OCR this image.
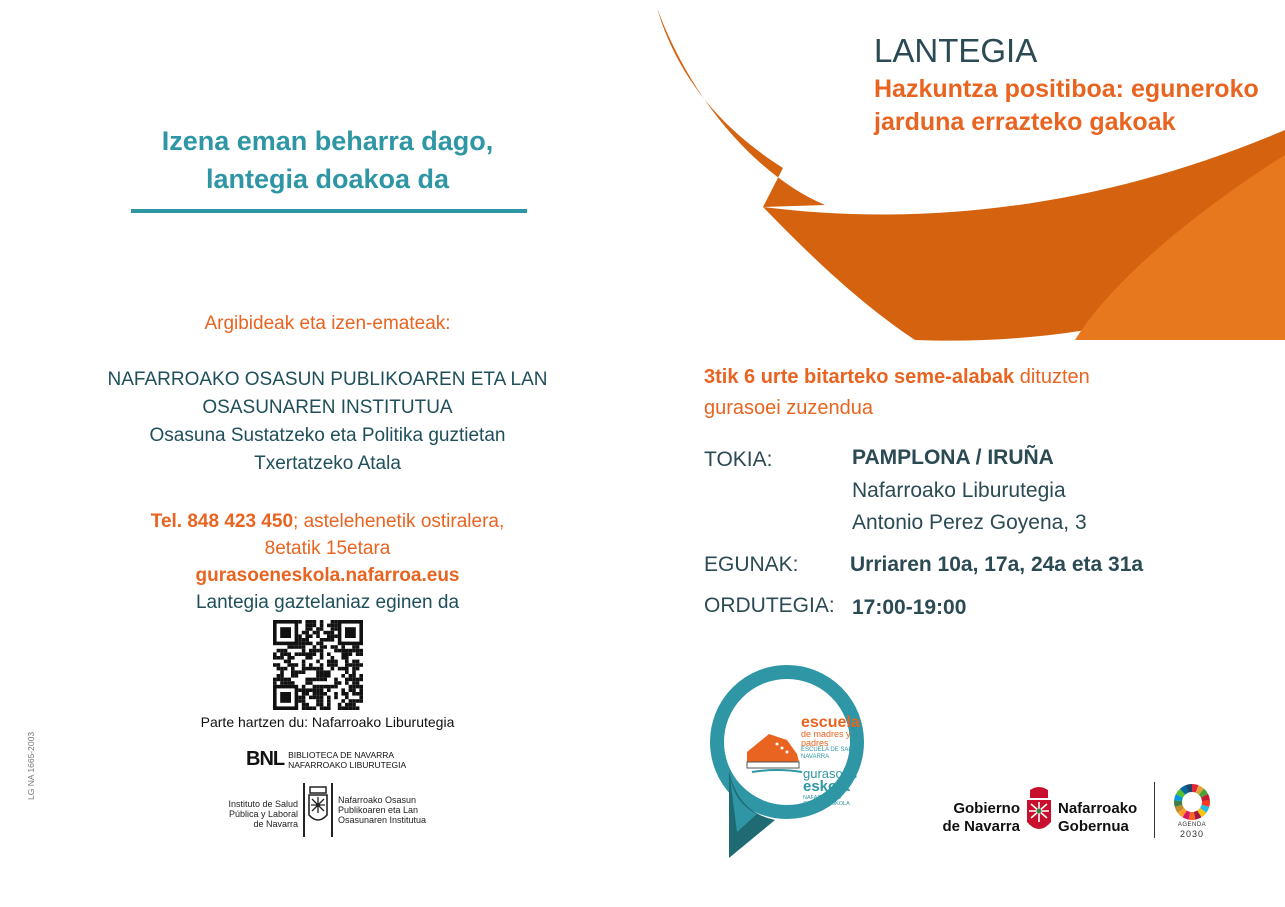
Izena eman beharra dago,
lantegia doakoa da
Argibideak eta izen-emateak:
NAFARROAKO OSASUN PUBLIKOAREN ETA LAN
OSASUNAREN INSTITUTUA
Osasuna Sustatzeko eta Politika guztietan
Txertatzeko Atala
Tel. 848 423 450; astelehenetik ostiralera,
8etatik 15etara
gurasoeneskola.nafarroa.eus
Lantegia gaztelaniaz eginen da
Parte hartzen du: Nafarroako Liburutegia
BNL BIBLIOTECA DE NAVARRA
NAFARROAKO LIBURUTEGIA
Instituto de Salud
Pública y Laboral
de Navarra
Nafarroako Osasun
Publikoaren eta Lan
Osasunaren Institutua
LG NA 1665-2003
LANTEGIA
Hazkuntza positiboa: eguneroko
jarduna errazteko gakoak
3tik 6 urte bitarteko seme-alabak dituzten
gurasoei zuzendua
TOKIA:	PAMPLONA / IRUÑA
Nafarroako Liburutegia
Antonio Perez Goyena, 3
EGUNAK: Urriaren 10a, 17a, 24a eta 31a
ORDUTEGIA: 17:00-19:00
escuela
de madres y
padres
ESCUELA DE SALUD
NAVARRA
gurasoen
eskola
NAFARROAKO
OSASUN ESKOLA	Gobierno
de Navarra
Nafarroako
Gobernua	AGENDA
2030
